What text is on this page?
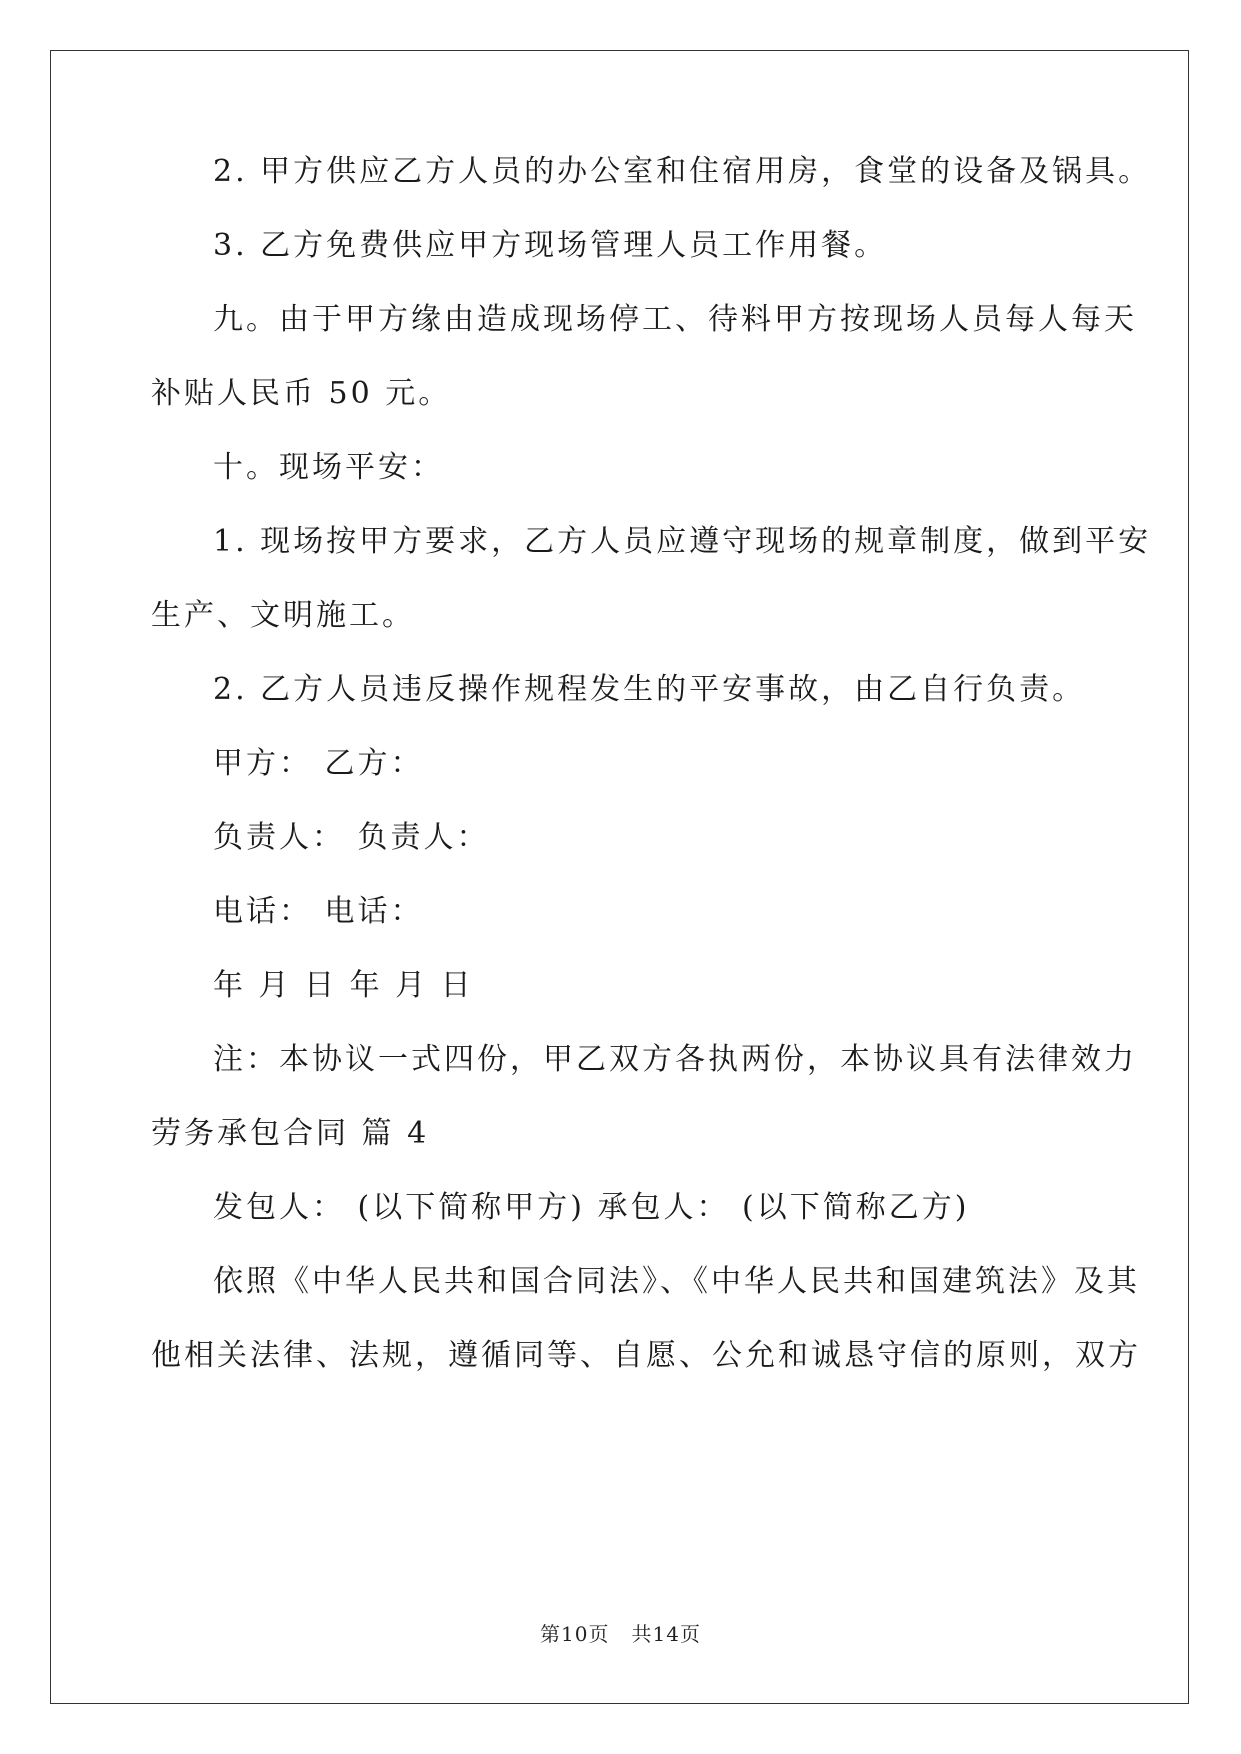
2. 甲方供应乙方人员的办公室和住宿用房，食堂的设备及锅具。
3. 乙方免费供应甲方现场管理人员工作用餐。
九。由于甲方缘由造成现场停工、待料甲方按现场人员每人每天
补贴人民币 50 元。
十。现场平安：
1. 现场按甲方要求，乙方人员应遵守现场的规章制度，做到平安
生产、文明施工。
2. 乙方人员违反操作规程发生的平安事故，由乙自行负责。
甲方： 乙方：
负责人： 负责人：
电话： 电话：
年 月 日 年 月 日
注：本协议一式四份，甲乙双方各执两份，本协议具有法律效力
劳务承包合同 篇 4
发包人： (以下简称甲方) 承包人： (以下简称乙方)
依照《中华人民共和国合同法》、《中华人民共和国建筑法》及其
他相关法律、法规，遵循同等、自愿、公允和诚恳守信的原则，双方
第10页 共14页
